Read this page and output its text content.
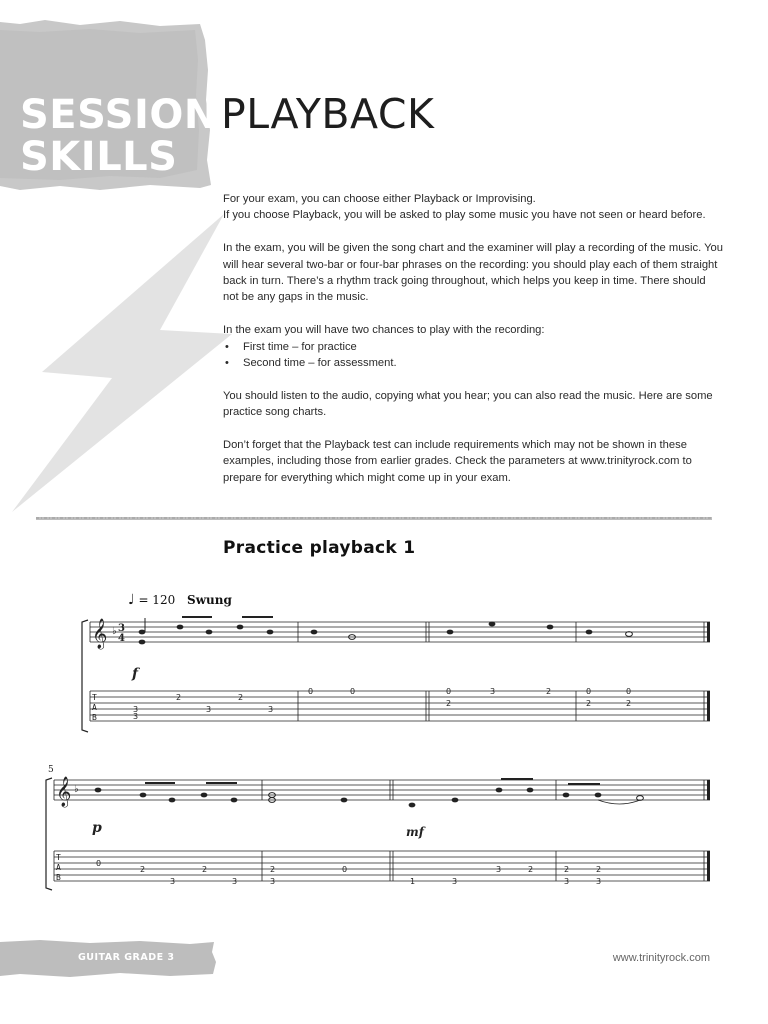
SESSION
SKILLS
PLAYBACK

For your exam, you can choose either Playback or Improvising.
If you choose Playback, you will be asked to play some music you have not seen or heard before.

In the exam, you will be given the song chart and the examiner will play a recording of the music. You will hear several two-bar or four-bar phrases on the recording: you should play each of them straight back in turn. There’s a rhythm track going throughout, which helps you keep in time. There should not be any gaps in the music.

In the exam you will have two chances to play with the recording:

• First time – for practice
• Second time – for assessment.

You should listen to the audio, copying what you hear; you can also read the music. Here are some practice song charts.

Don’t forget that the Playback test can include requirements which may not be shown in these examples, including those from earlier grades. Check the parameters at www.trinityrock.com to prepare for everything which might come up in your exam.

Practice playback 1
♩ = 120 Swung
𝄞 ♭ 3
4
f
T
A
B
3
3
2
3
2
3
0	0	0
2
3	2	0
2
0
2
5
𝄞 ♭
p	mf
T
A
B
0
2
3
2
3
2
3
0
1	3
3	2	2
3
2
3
GUITAR GRADE 3	www.trinityrock.com
